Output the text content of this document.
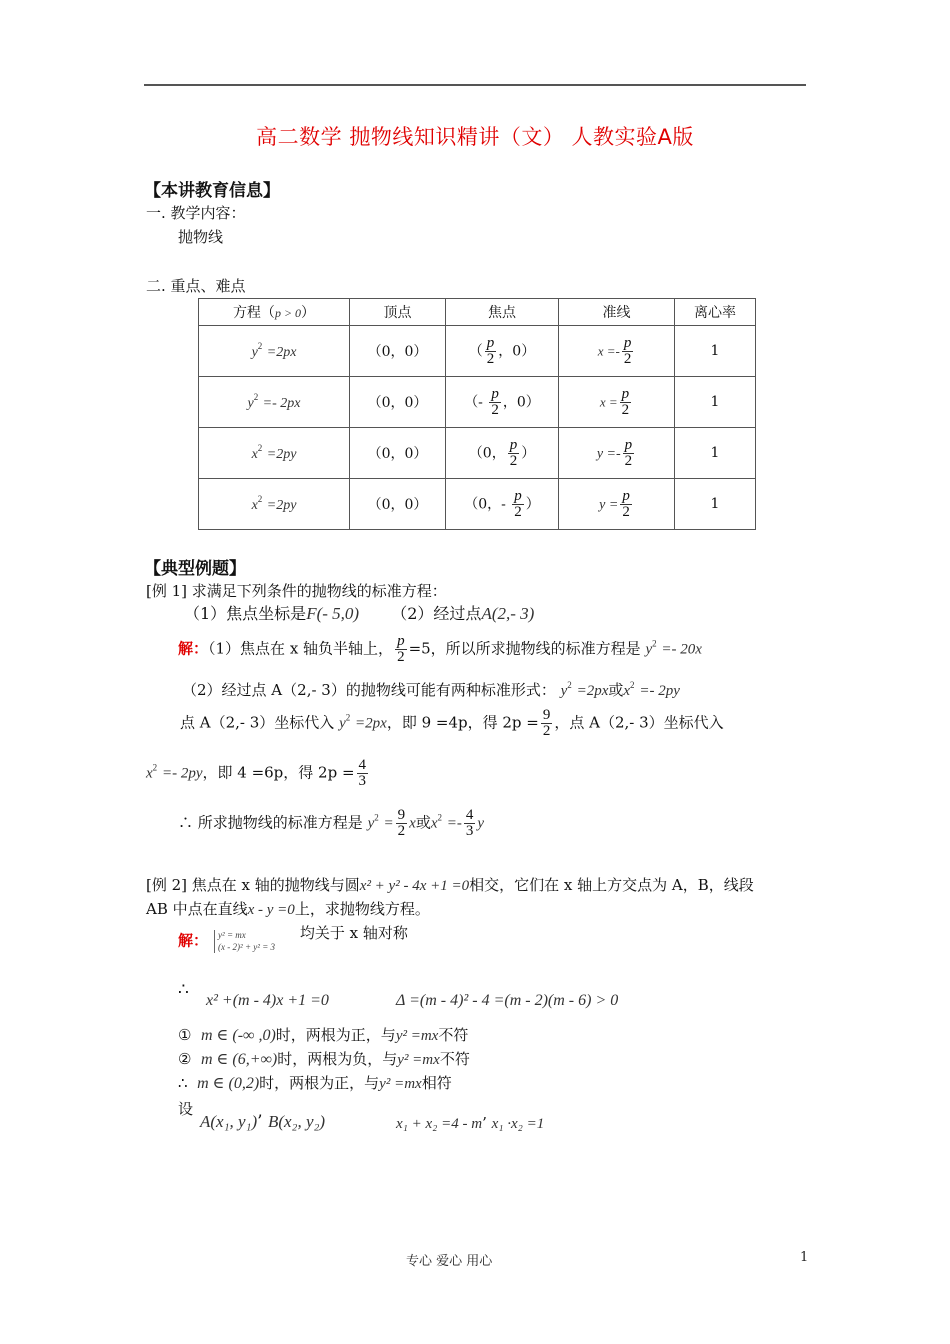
高二数学 抛物线知识精讲（文） 人教实验A版
【本讲教育信息】
一. 教学内容：
抛物线
二. 重点、难点
方程（p > 0）	顶点	焦点	准线	离心率
$y^2 =2px$	（0，0）	（ $\frac{p}{2}$ ，0）	$x =- \frac{p}{2}$	1
$y^2 =- 2px$	（0，0）	（- $\frac{p}{2}$ ，0）	$x = \frac{p}{2}$	1
$x^2 =2py$	（0，0）	（0， $\frac{p}{2}$ ）	$y =- \frac{p}{2}$	1
$x^2 =2py$	（0，0）	（0，- $\frac{p}{2}$ ）	$y = \frac{p}{2}$	1
【典型例题】
[例 1] 求满足下列条件的抛物线的标准方程：
（1）焦点坐标是F(- 5,0) （2）经过点A(2,- 3)
解：（1）焦点在 x 轴负半轴上， $\frac{p}{2} =5$，所以所求抛物线的标准方程是 $y^2 =- 20x$
（2）经过点 A（2,- 3）的抛物线可能有两种标准形式： $y^2 =2px$或$x^2 =- 2py$
点 A（2,- 3）坐标代入 $y^2 =2px$，即 9 =4p，得 $2p = \frac{9}{2}$ ，点 A（2,- 3）坐标代入
$x^2 =- 2py$，即 4 =6p，得 $2p = \frac{4}{3}$
∴ 所求抛物线的标准方程是 $y^2 = \frac{9}{2}$ x或$x^2 =- \frac{4}{3}$ y
[例 2] 焦点在 x 轴的抛物线与圆x² + y² - 4x +1 =0相交，它们在 x 轴上方交点为 A，B，线段
AB 中点在直线x - y =0上，求抛物线方程。
解： y² = mx
(x - 2)² + y² = 3
均关于 x 轴对称
∴
x² +(m - 4)x +1 =0	Δ =(m - 4)² - 4 =(m - 2)(m - 6) > 0
① m ∈ (-∞ ,0)时，两根为正，与y² =mx不符
② m ∈ (6,+∞)时，两根为负，与y² =mx不符
∴ m ∈ (0,2)时，两根为正，与y² =mx相符
设
A(x₁, y₁)’ B(x₂, y₂)	x₁ + x₂ =4 - m’ x₁ ·x₂ =1
专心 爱心 用心	1
